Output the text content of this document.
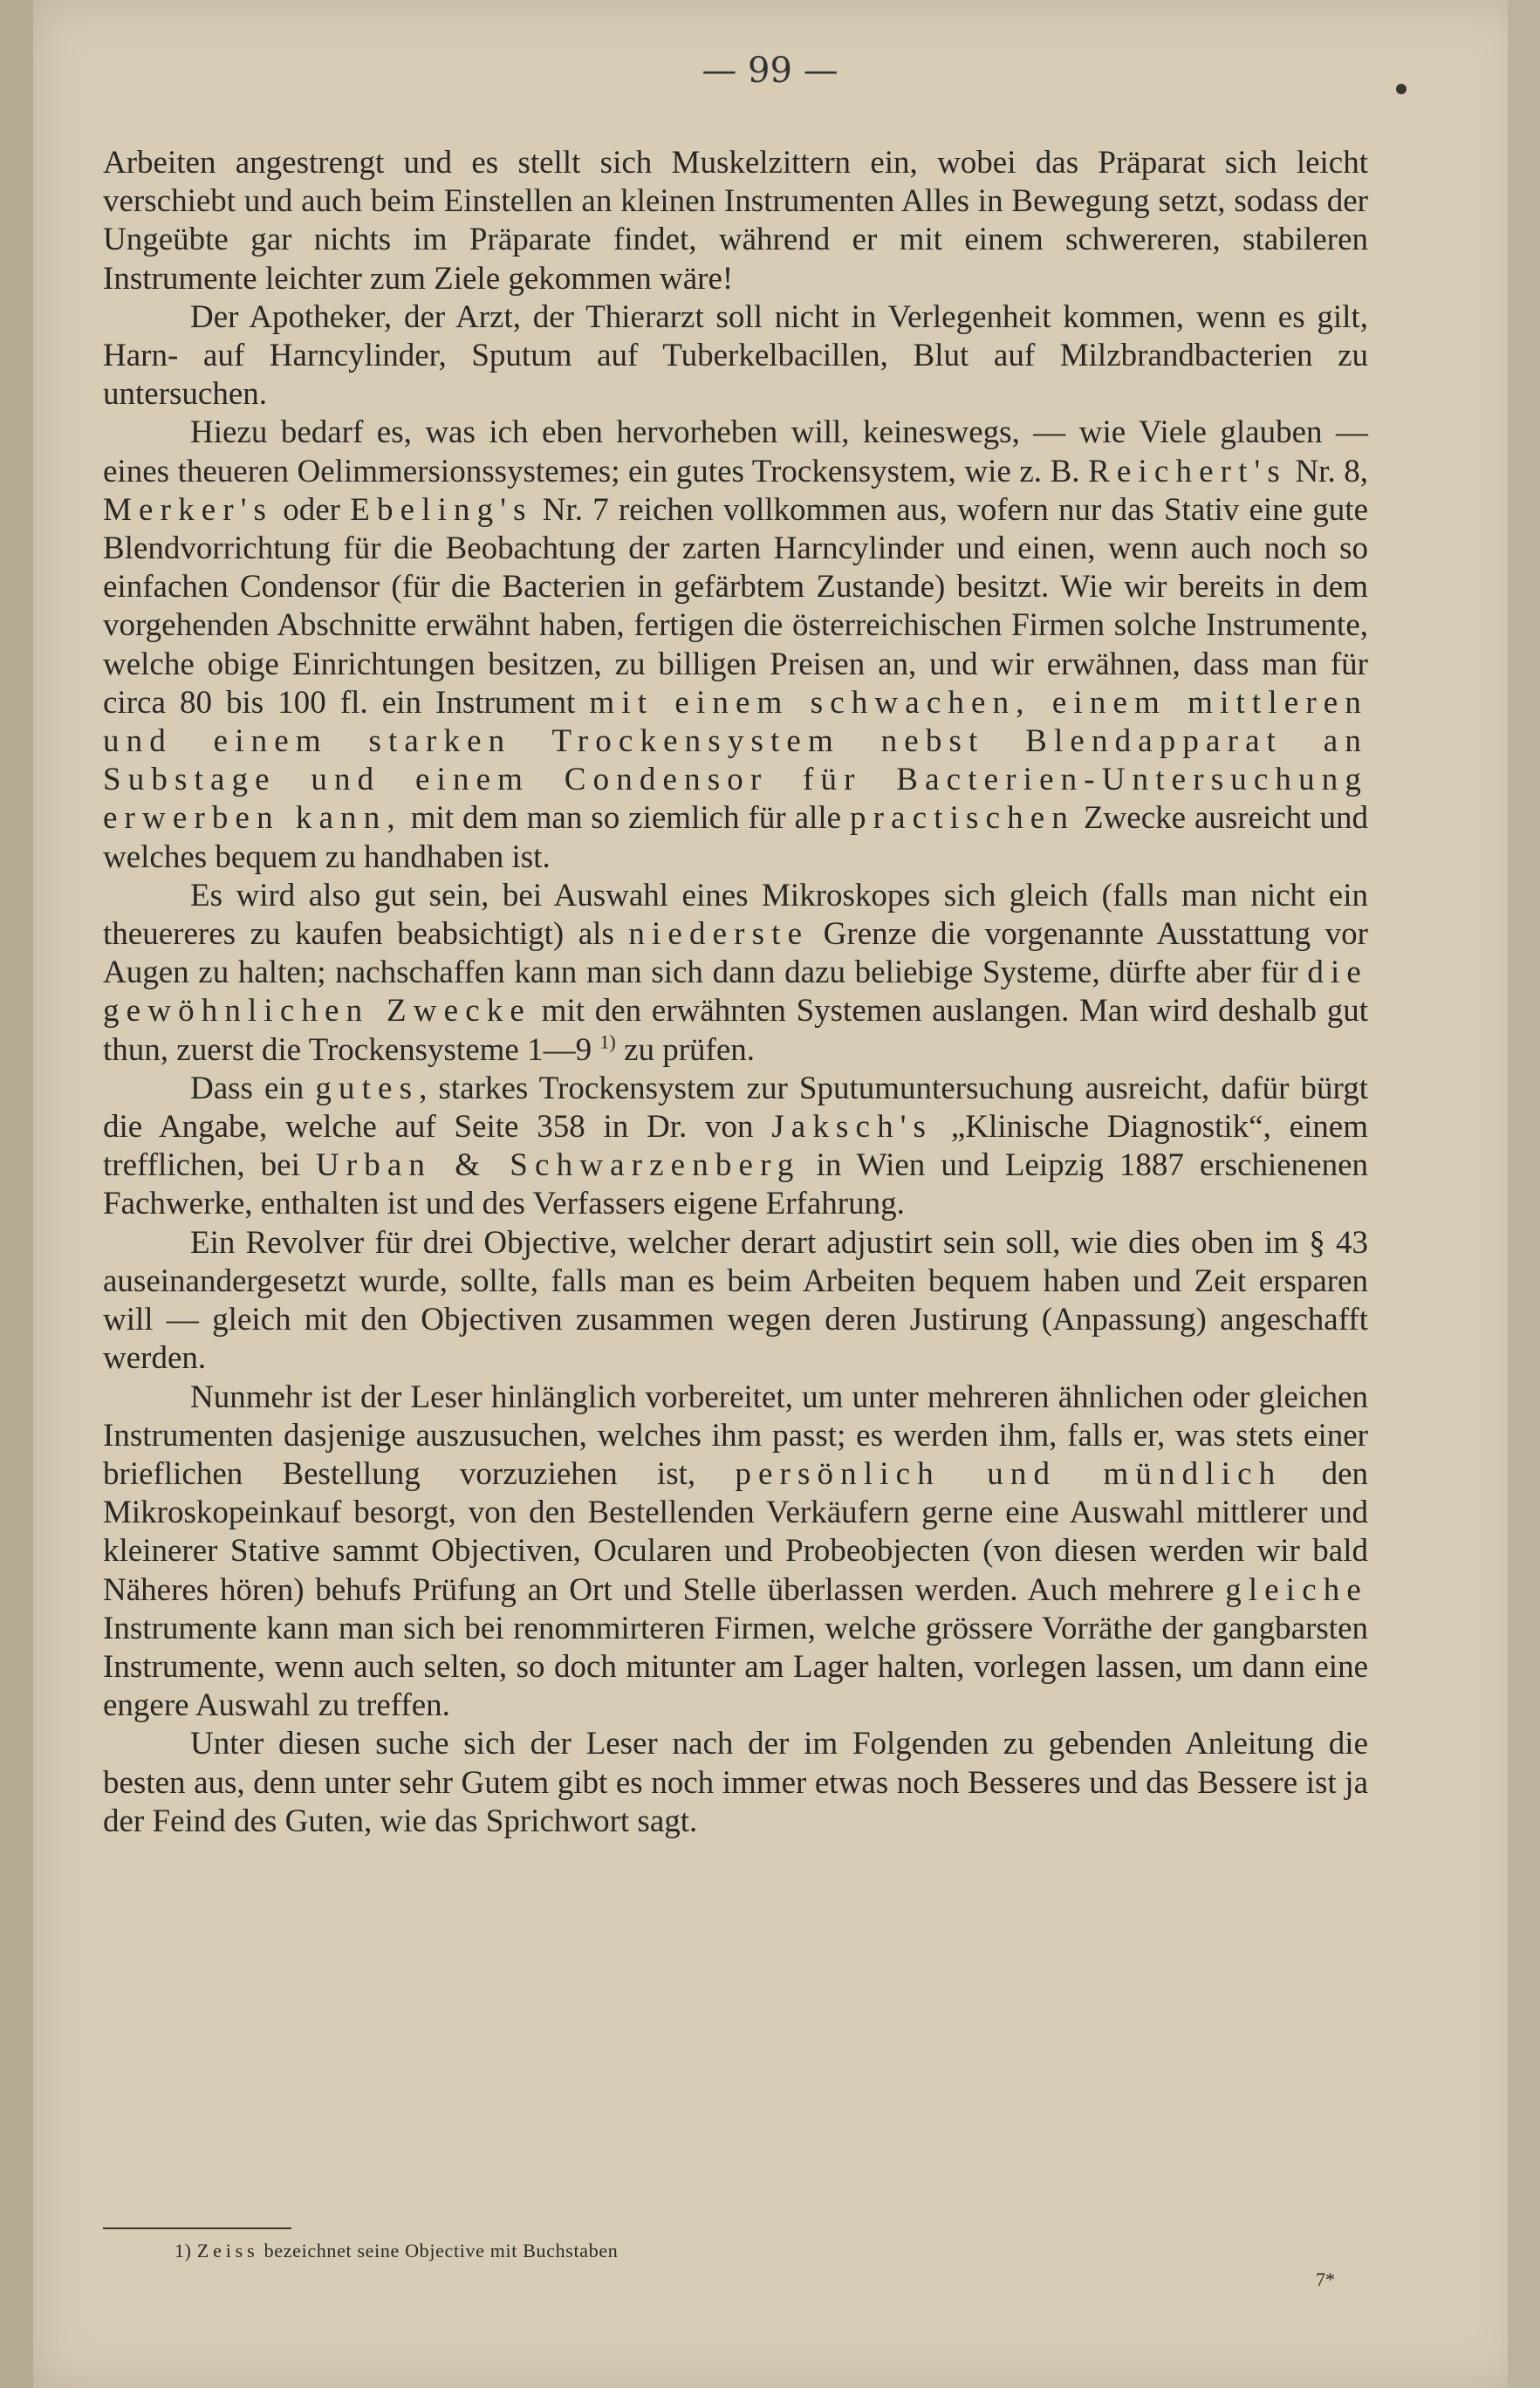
— 99 —

Arbeiten angestrengt und es stellt sich Muskelzittern ein, wobei das Präparat sich leicht verschiebt und auch beim Einstellen an kleinen Instrumenten Alles in Bewegung setzt, sodass der Ungeübte gar nichts im Präparate findet, während er mit einem schwereren, stabileren Instrumente leichter zum Ziele gekommen wäre!

Der Apotheker, der Arzt, der Thierarzt soll nicht in Verlegenheit kommen, wenn es gilt, Harn- auf Harncylinder, Sputum auf Tuberkelbacillen, Blut auf Milzbrandbacterien zu untersuchen.

Hiezu bedarf es, was ich eben hervorheben will, keineswegs, — wie Viele glauben — eines theueren Oelimmersionssystemes; ein gutes Trockensystem, wie z. B. Reichert's Nr. 8, Merker's oder Ebeling's Nr. 7 reichen vollkommen aus, wofern nur das Stativ eine gute Blendvorrichtung für die Beobachtung der zarten Harncylinder und einen, wenn auch noch so einfachen Condensor (für die Bacterien in gefärbtem Zustande) besitzt. Wie wir bereits in dem vorgehenden Abschnitte erwähnt haben, fertigen die österreichischen Firmen solche Instrumente, welche obige Einrichtungen besitzen, zu billigen Preisen an, und wir erwähnen, dass man für circa 80 bis 100 fl. ein Instrument mit einem schwachen, einem mittleren und einem starken Trockensystem nebst Blendapparat an Substage und einem Condensor für Bacterien-Untersuchung erwerben kann, mit dem man so ziemlich für alle practischen Zwecke ausreicht und welches bequem zu handhaben ist.

Es wird also gut sein, bei Auswahl eines Mikroskopes sich gleich (falls man nicht ein theuereres zu kaufen beabsichtigt) als niederste Grenze die vorgenannte Ausstattung vor Augen zu halten; nachschaffen kann man sich dann dazu beliebige Systeme, dürfte aber für die gewöhnlichen Zwecke mit den erwähnten Systemen auslangen. Man wird deshalb gut thun, zuerst die Trockensysteme 1—9 $^{1)}$ zu prüfen.

Dass ein gutes, starkes Trockensystem zur Sputumuntersuchung ausreicht, dafür bürgt die Angabe, welche auf Seite 358 in Dr. von Jaksch's „Klinische Diagnostik“, einem trefflichen, bei Urban & Schwarzenberg in Wien und Leipzig 1887 erschienenen Fachwerke, enthalten ist und des Verfassers eigene Erfahrung.

Ein Revolver für drei Objective, welcher derart adjustirt sein soll, wie dies oben im § 43 auseinandergesetzt wurde, sollte, falls man es beim Arbeiten bequem haben und Zeit ersparen will — gleich mit den Objectiven zusammen wegen deren Justirung (Anpassung) angeschafft werden.

Nunmehr ist der Leser hinlänglich vorbereitet, um unter mehreren ähnlichen oder gleichen Instrumenten dasjenige auszusuchen, welches ihm passt; es werden ihm, falls er, was stets einer brieflichen Bestellung vorzuziehen ist, persönlich und mündlich den Mikroskopeinkauf besorgt, von den Bestellenden Verkäufern gerne eine Auswahl mittlerer und kleinerer Stative sammt Objectiven, Ocularen und Probeobjecten (von diesen werden wir bald Näheres hören) behufs Prüfung an Ort und Stelle überlassen werden. Auch mehrere gleiche Instrumente kann man sich bei renommirteren Firmen, welche grössere Vorräthe der gangbarsten Instrumente, wenn auch selten, so doch mitunter am Lager halten, vorlegen lassen, um dann eine engere Auswahl zu treffen.

Unter diesen suche sich der Leser nach der im Folgenden zu gebenden Anleitung die besten aus, denn unter sehr Gutem gibt es noch immer etwas noch Besseres und das Bessere ist ja der Feind des Guten, wie das Sprichwort sagt.

1) Zeiss bezeichnet seine Objective mit Buchstaben
7*
